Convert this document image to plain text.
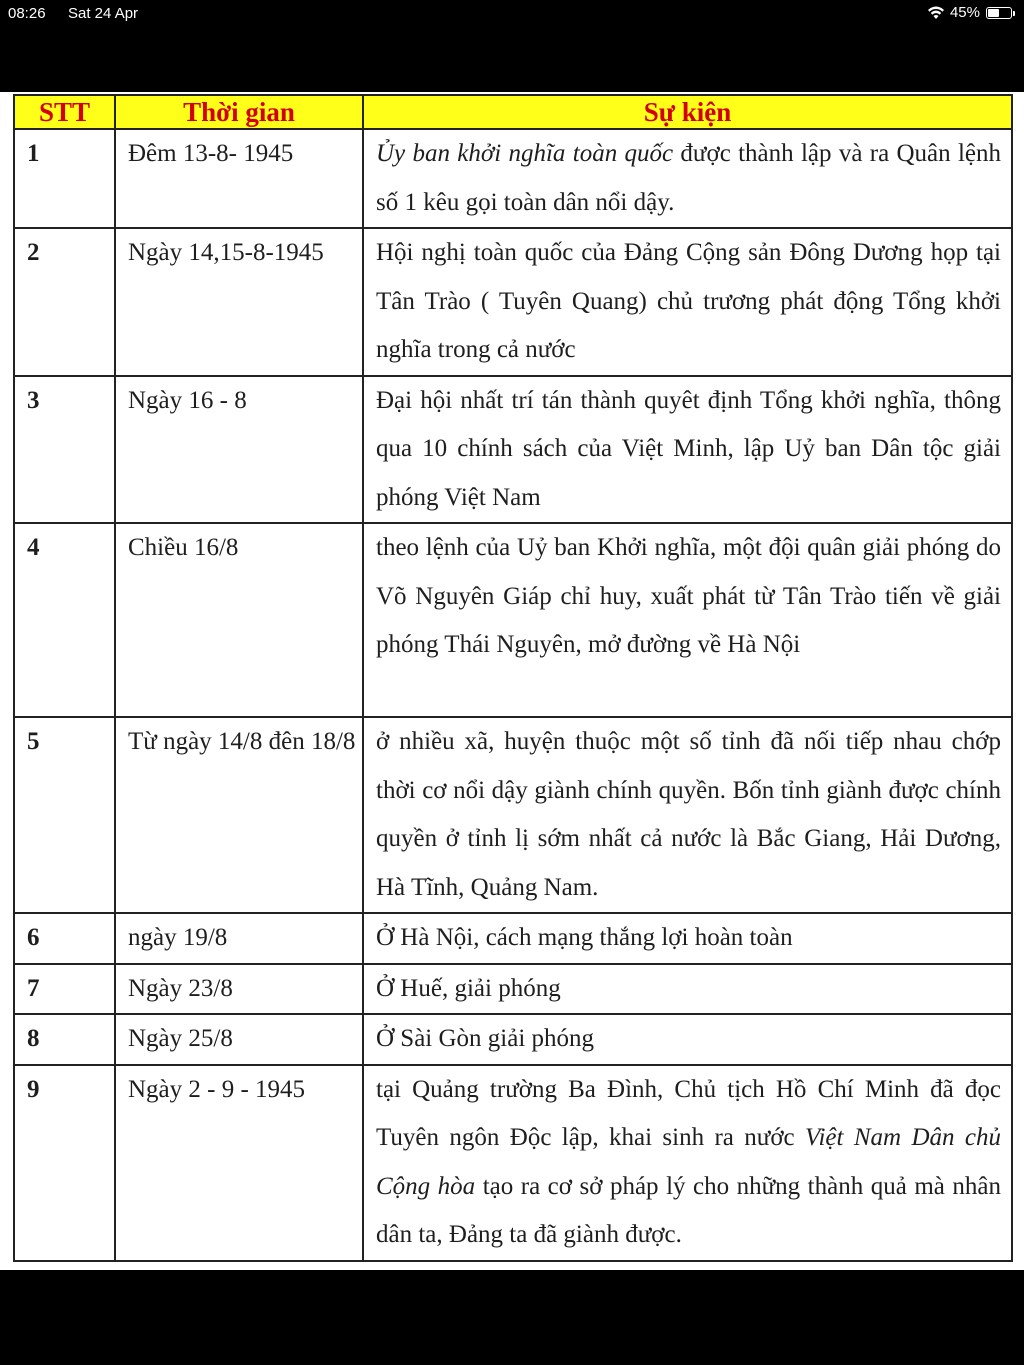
08:26 Sat 24 Apr	45%
STT	Thời gian	Sự kiện
1	Đêm 13-8- 1945	Ủy ban khởi nghĩa toàn quốc được thành lập và ra Quân lệnh số 1 kêu gọi toàn dân nổi dậy.
2	Ngày 14,15-8-1945	Hội nghị toàn quốc của Đảng Cộng sản Đông Dương họp tại Tân Trào ( Tuyên Quang) chủ trương phát động Tổng khởi nghĩa trong cả nước
3	Ngày 16 - 8	Đại hội nhất trí tán thành quyêt định Tổng khởi nghĩa, thông qua 10 chính sách của Việt Minh, lập Uỷ ban Dân tộc giải phóng Việt Nam
4	Chiều 16/8	theo lệnh của Uỷ ban Khởi nghĩa, một đội quân giải phóng do Võ Nguyên Giáp chỉ huy, xuất phát từ Tân Trào tiến về giải phóng Thái Nguyên, mở đường về Hà Nội
5	Từ ngày 14/8 đên 18/8	ở nhiều xã, huyện thuộc một số tỉnh đã nối tiếp nhau chớp thời cơ nổi dậy giành chính quyền. Bốn tỉnh giành được chính quyền ở tỉnh lị sớm nhất cả nước là Bắc Giang, Hải Dương, Hà Tĩnh, Quảng Nam.
6	ngày 19/8	Ở Hà Nội, cách mạng thắng lợi hoàn toàn
7	Ngày 23/8	Ở Huế, giải phóng
8	Ngày 25/8	Ở Sài Gòn giải phóng
9	Ngày 2 - 9 - 1945	tại Quảng trường Ba Đình, Chủ tịch Hồ Chí Minh đã đọc Tuyên ngôn Độc lập, khai sinh ra nước Việt Nam Dân chủ Cộng hòa tạo ra cơ sở pháp lý cho những thành quả mà nhân dân ta, Đảng ta đã giành được.
